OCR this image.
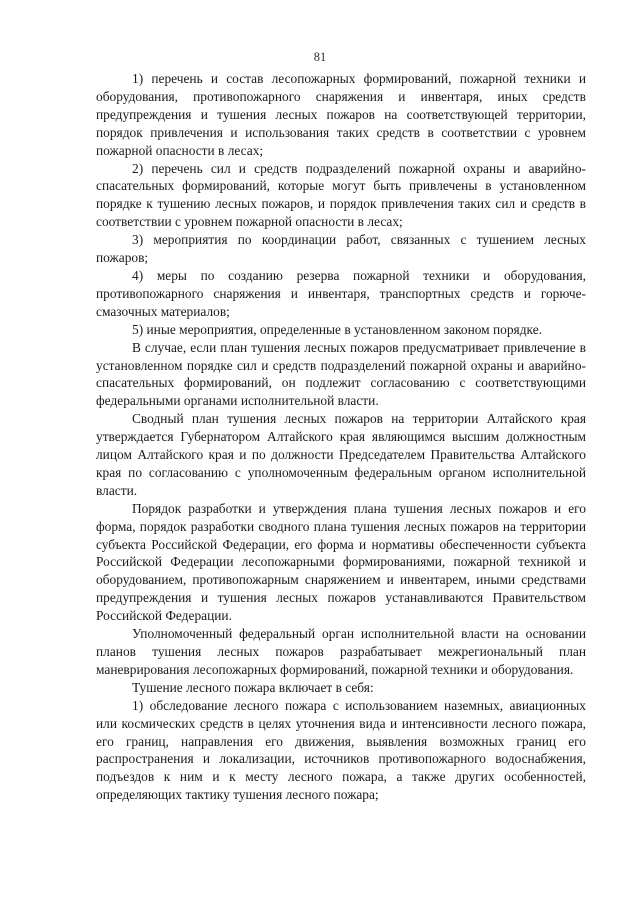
81

1) перечень и состав лесопожарных формирований, пожарной техники и оборудования, противопожарного снаряжения и инвентаря, иных средств предупреждения и тушения лесных пожаров на соответствующей территории, порядок привлечения и использования таких средств в соответствии с уровнем пожарной опасности в лесах;

2) перечень сил и средств подразделений пожарной охраны и аварийно-спасательных формирований, которые могут быть привлечены в установленном порядке к тушению лесных пожаров, и порядок привлечения таких сил и средств в соответствии с уровнем пожарной опасности в лесах;

3) мероприятия по координации работ, связанных с тушением лесных пожаров;

4) меры по созданию резерва пожарной техники и оборудования, противопожарного снаряжения и инвентаря, транспортных средств и горюче-смазочных материалов;

5) иные мероприятия, определенные в установленном законом порядке.

В случае, если план тушения лесных пожаров предусматривает привлечение в установленном порядке сил и средств подразделений пожарной охраны и аварийно-спасательных формирований, он подлежит согласованию с соответствующими федеральными органами исполнительной власти.

Сводный план тушения лесных пожаров на территории Алтайского края утверждается Губернатором Алтайского края являющимся высшим должностным лицом Алтайского края и по должности Председателем Правительства Алтайского края по согласованию с уполномоченным федеральным органом исполнительной власти.

Порядок разработки и утверждения плана тушения лесных пожаров и его форма, порядок разработки сводного плана тушения лесных пожаров на территории субъекта Российской Федерации, его форма и нормативы обеспеченности субъекта Российской Федерации лесопожарными формированиями, пожарной техникой и оборудованием, противопожарным снаряжением и инвентарем, иными средствами предупреждения и тушения лесных пожаров устанавливаются Правительством Российской Федерации.

Уполномоченный федеральный орган исполнительной власти на основании планов тушения лесных пожаров разрабатывает межрегиональный план маневрирования лесопожарных формирований, пожарной техники и оборудования.

Тушение лесного пожара включает в себя:

1) обследование лесного пожара с использованием наземных, авиационных или космических средств в целях уточнения вида и интенсивности лесного пожара, его границ, направления его движения, выявления возможных границ его распространения и локализации, источников противопожарного водоснабжения, подъездов к ним и к месту лесного пожара, а также других особенностей, определяющих тактику тушения лесного пожара;
